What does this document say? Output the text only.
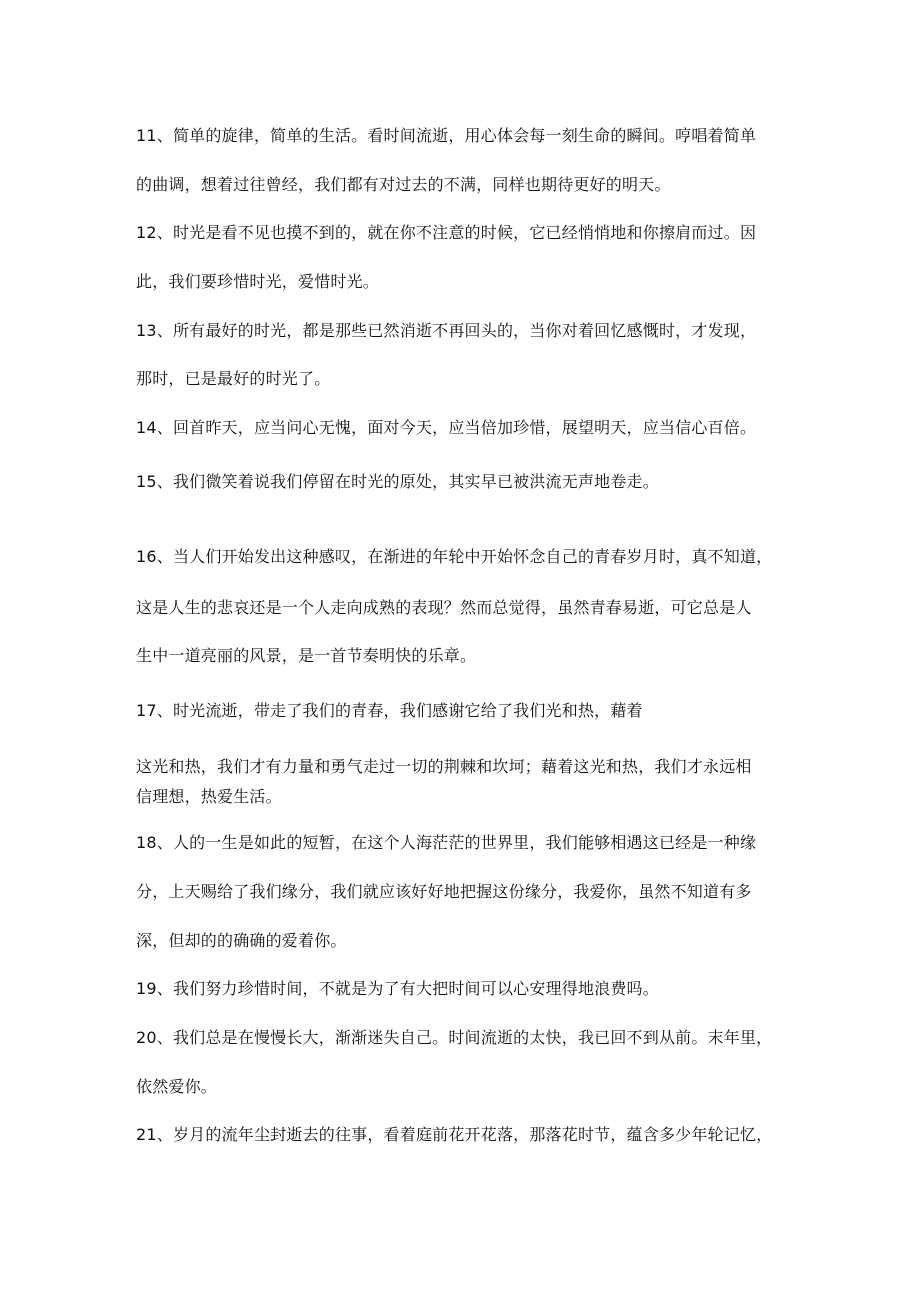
11、简单的旋律，简单的生活。看时间流逝，用心体会每一刻生命的瞬间。哼唱着简单

的曲调，想着过往曾经，我们都有对过去的不满，同样也期待更好的明天。

12、时光是看不见也摸不到的，就在你不注意的时候，它已经悄悄地和你擦肩而过。因

此，我们要珍惜时光，爱惜时光。

13、所有最好的时光，都是那些已然消逝不再回头的，当你对着回忆感慨时，才发现，

那时，已是最好的时光了。

14、回首昨天，应当问心无愧，面对今天，应当倍加珍惜，展望明天，应当信心百倍。

15、我们微笑着说我们停留在时光的原处，其实早已被洪流无声地卷走。

16、当人们开始发出这种感叹，在渐进的年轮中开始怀念自己的青春岁月时，真不知道，

这是人生的悲哀还是一个人走向成熟的表现？然而总觉得，虽然青春易逝，可它总是人

生中一道亮丽的风景，是一首节奏明快的乐章。

17、时光流逝，带走了我们的青春，我们感谢它给了我们光和热，藉着

这光和热，我们才有力量和勇气走过一切的荆棘和坎坷；藉着这光和热，我们才永远相

信理想，热爱生活。

18、人的一生是如此的短暂，在这个人海茫茫的世界里，我们能够相遇这已经是一种缘

分，上天赐给了我们缘分，我们就应该好好地把握这份缘分，我爱你，虽然不知道有多

深，但却的的确确的爱着你。

19、我们努力珍惜时间，不就是为了有大把时间可以心安理得地浪费吗。

20、我们总是在慢慢长大，渐渐迷失自己。时间流逝的太快，我已回不到从前。末年里，

依然爱你。

21、岁月的流年尘封逝去的往事，看着庭前花开花落，那落花时节，蕴含多少年轮记忆，
